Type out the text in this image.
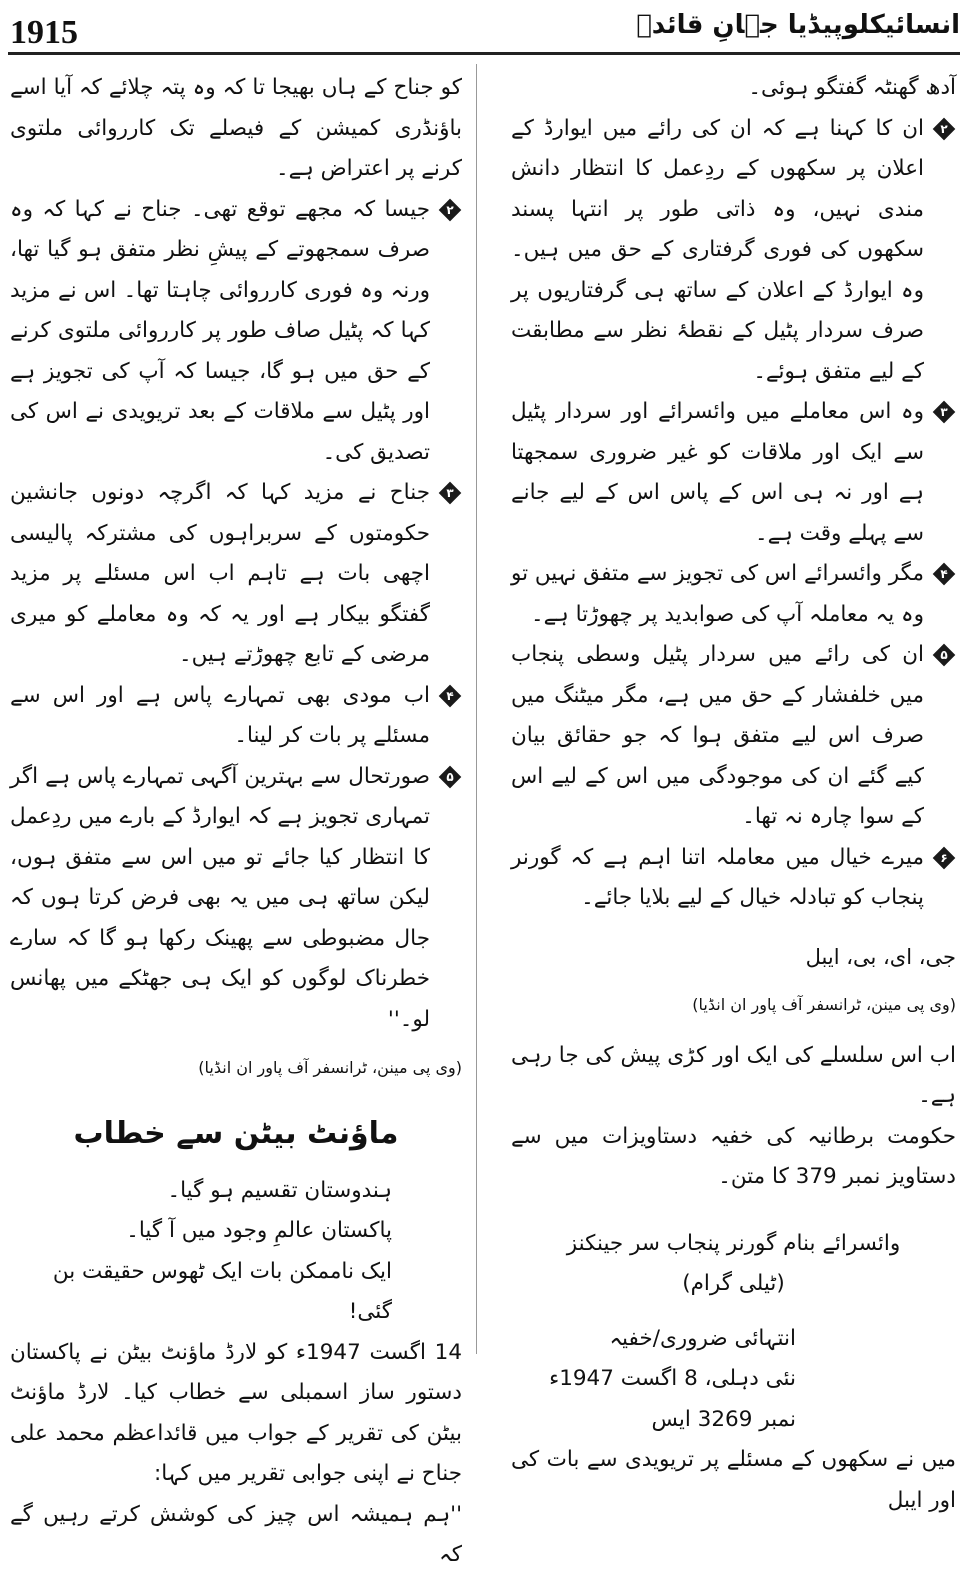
1915	انسائیکلوپیڈیا جہانِ قائدؒ

آدھ گھنٹہ گفتگو ہوئی۔

۲
ان کا کہنا ہے کہ ان کی رائے میں ایوارڈ کے اعلان پر سکھوں کے ردِعمل کا انتظار دانش مندی نہیں، وہ ذاتی طور پر انتہا پسند سکھوں کی فوری گرفتاری کے حق میں ہیں۔ وہ ایوارڈ کے اعلان کے ساتھ ہی گرفتاریوں پر صرف سردار پٹیل کے نقطۂ نظر سے مطابقت کے لیے متفق ہوئے۔
۳
وہ اس معاملے میں وائسرائے اور سردار پٹیل سے ایک اور ملاقات کو غیر ضروری سمجھتا ہے اور نہ ہی اس کے پاس اس کے لیے جانے سے پہلے وقت ہے۔
۴
مگر وائسرائے اس کی تجویز سے متفق نہیں تو وہ یہ معاملہ آپ کی صوابدید پر چھوڑتا ہے۔
۵
ان کی رائے میں سردار پٹیل وسطی پنجاب میں خلفشار کے حق میں ہے، مگر میٹنگ میں صرف اس لیے متفق ہوا کہ جو حقائق بیان کیے گئے ان کی موجودگی میں اس کے لیے اس کے سوا چارہ نہ تھا۔
۶
میرے خیال میں معاملہ اتنا اہم ہے کہ گورنر پنجاب کو تبادلہ خیال کے لیے بلایا جائے۔

جی، ای، بی، ایبل

(وی پی مینن، ٹرانسفر آف پاور ان انڈیا)

اب اس سلسلے کی ایک اور کڑی پیش کی جا رہی ہے۔

حکومت برطانیہ کی خفیہ دستاویزات میں سے دستاویز نمبر 379 کا متن۔

وائسرائے بنام گورنر پنجاب سر جینکنز

(ٹیلی گرام)

انتہائی ضروری/خفیہ

نئی دہلی، 8 اگست 1947ء

نمبر 3269 ایس

میں نے سکھوں کے مسئلے پر تریویدی سے بات کی اور ایبل

کو جناح کے ہاں بھیجا تا کہ وہ پتہ چلائے کہ آیا اسے باؤنڈری کمیشن کے فیصلے تک کارروائی ملتوی کرنے پر اعتراض ہے۔

۲
جیسا کہ مجھے توقع تھی۔ جناح نے کہا کہ وہ صرف سمجھوتے کے پیشِ نظر متفق ہو گیا تھا، ورنہ وہ فوری کارروائی چاہتا تھا۔ اس نے مزید کہا کہ پٹیل صاف طور پر کارروائی ملتوی کرنے کے حق میں ہو گا، جیسا کہ آپ کی تجویز ہے اور پٹیل سے ملاقات کے بعد تریویدی نے اس کی تصدیق کی۔
۳
جناح نے مزید کہا کہ اگرچہ دونوں جانشین حکومتوں کے سربراہوں کی مشترکہ پالیسی اچھی بات ہے تاہم اب اس مسئلے پر مزید گفتگو بیکار ہے اور یہ کہ وہ معاملے کو میری مرضی کے تابع چھوڑتے ہیں۔
۴
اب مودی بھی تمہارے پاس ہے اور اس سے مسئلے پر بات کر لینا۔
۵
صورتحال سے بہترین آگہی تمہارے پاس ہے اگر تمہاری تجویز ہے کہ ایوارڈ کے بارے میں ردِعمل کا انتظار کیا جائے تو میں اس سے متفق ہوں، لیکن ساتھ ہی میں یہ بھی فرض کرتا ہوں کہ جال مضبوطی سے پھینک رکھا ہو گا کہ سارے خطرناک لوگوں کو ایک ہی جھٹکے میں پھانس لو۔''

(وی پی مینن، ٹرانسفر آف پاور ان انڈیا)

ماؤنٹ بیٹن سے خطاب

ہندوستان تقسیم ہو گیا۔

پاکستان عالمِ وجود میں آ گیا۔

ایک ناممکن بات ایک ٹھوس حقیقت بن گئی!

14 اگست 1947ء کو لارڈ ماؤنٹ بیٹن نے پاکستان دستور ساز اسمبلی سے خطاب کیا۔ لارڈ ماؤنٹ بیٹن کی تقریر کے جواب میں قائداعظم محمد علی جناح نے اپنی جوابی تقریر میں کہا:

''ہم ہمیشہ اس چیز کی کوشش کرتے رہیں گے کہ
